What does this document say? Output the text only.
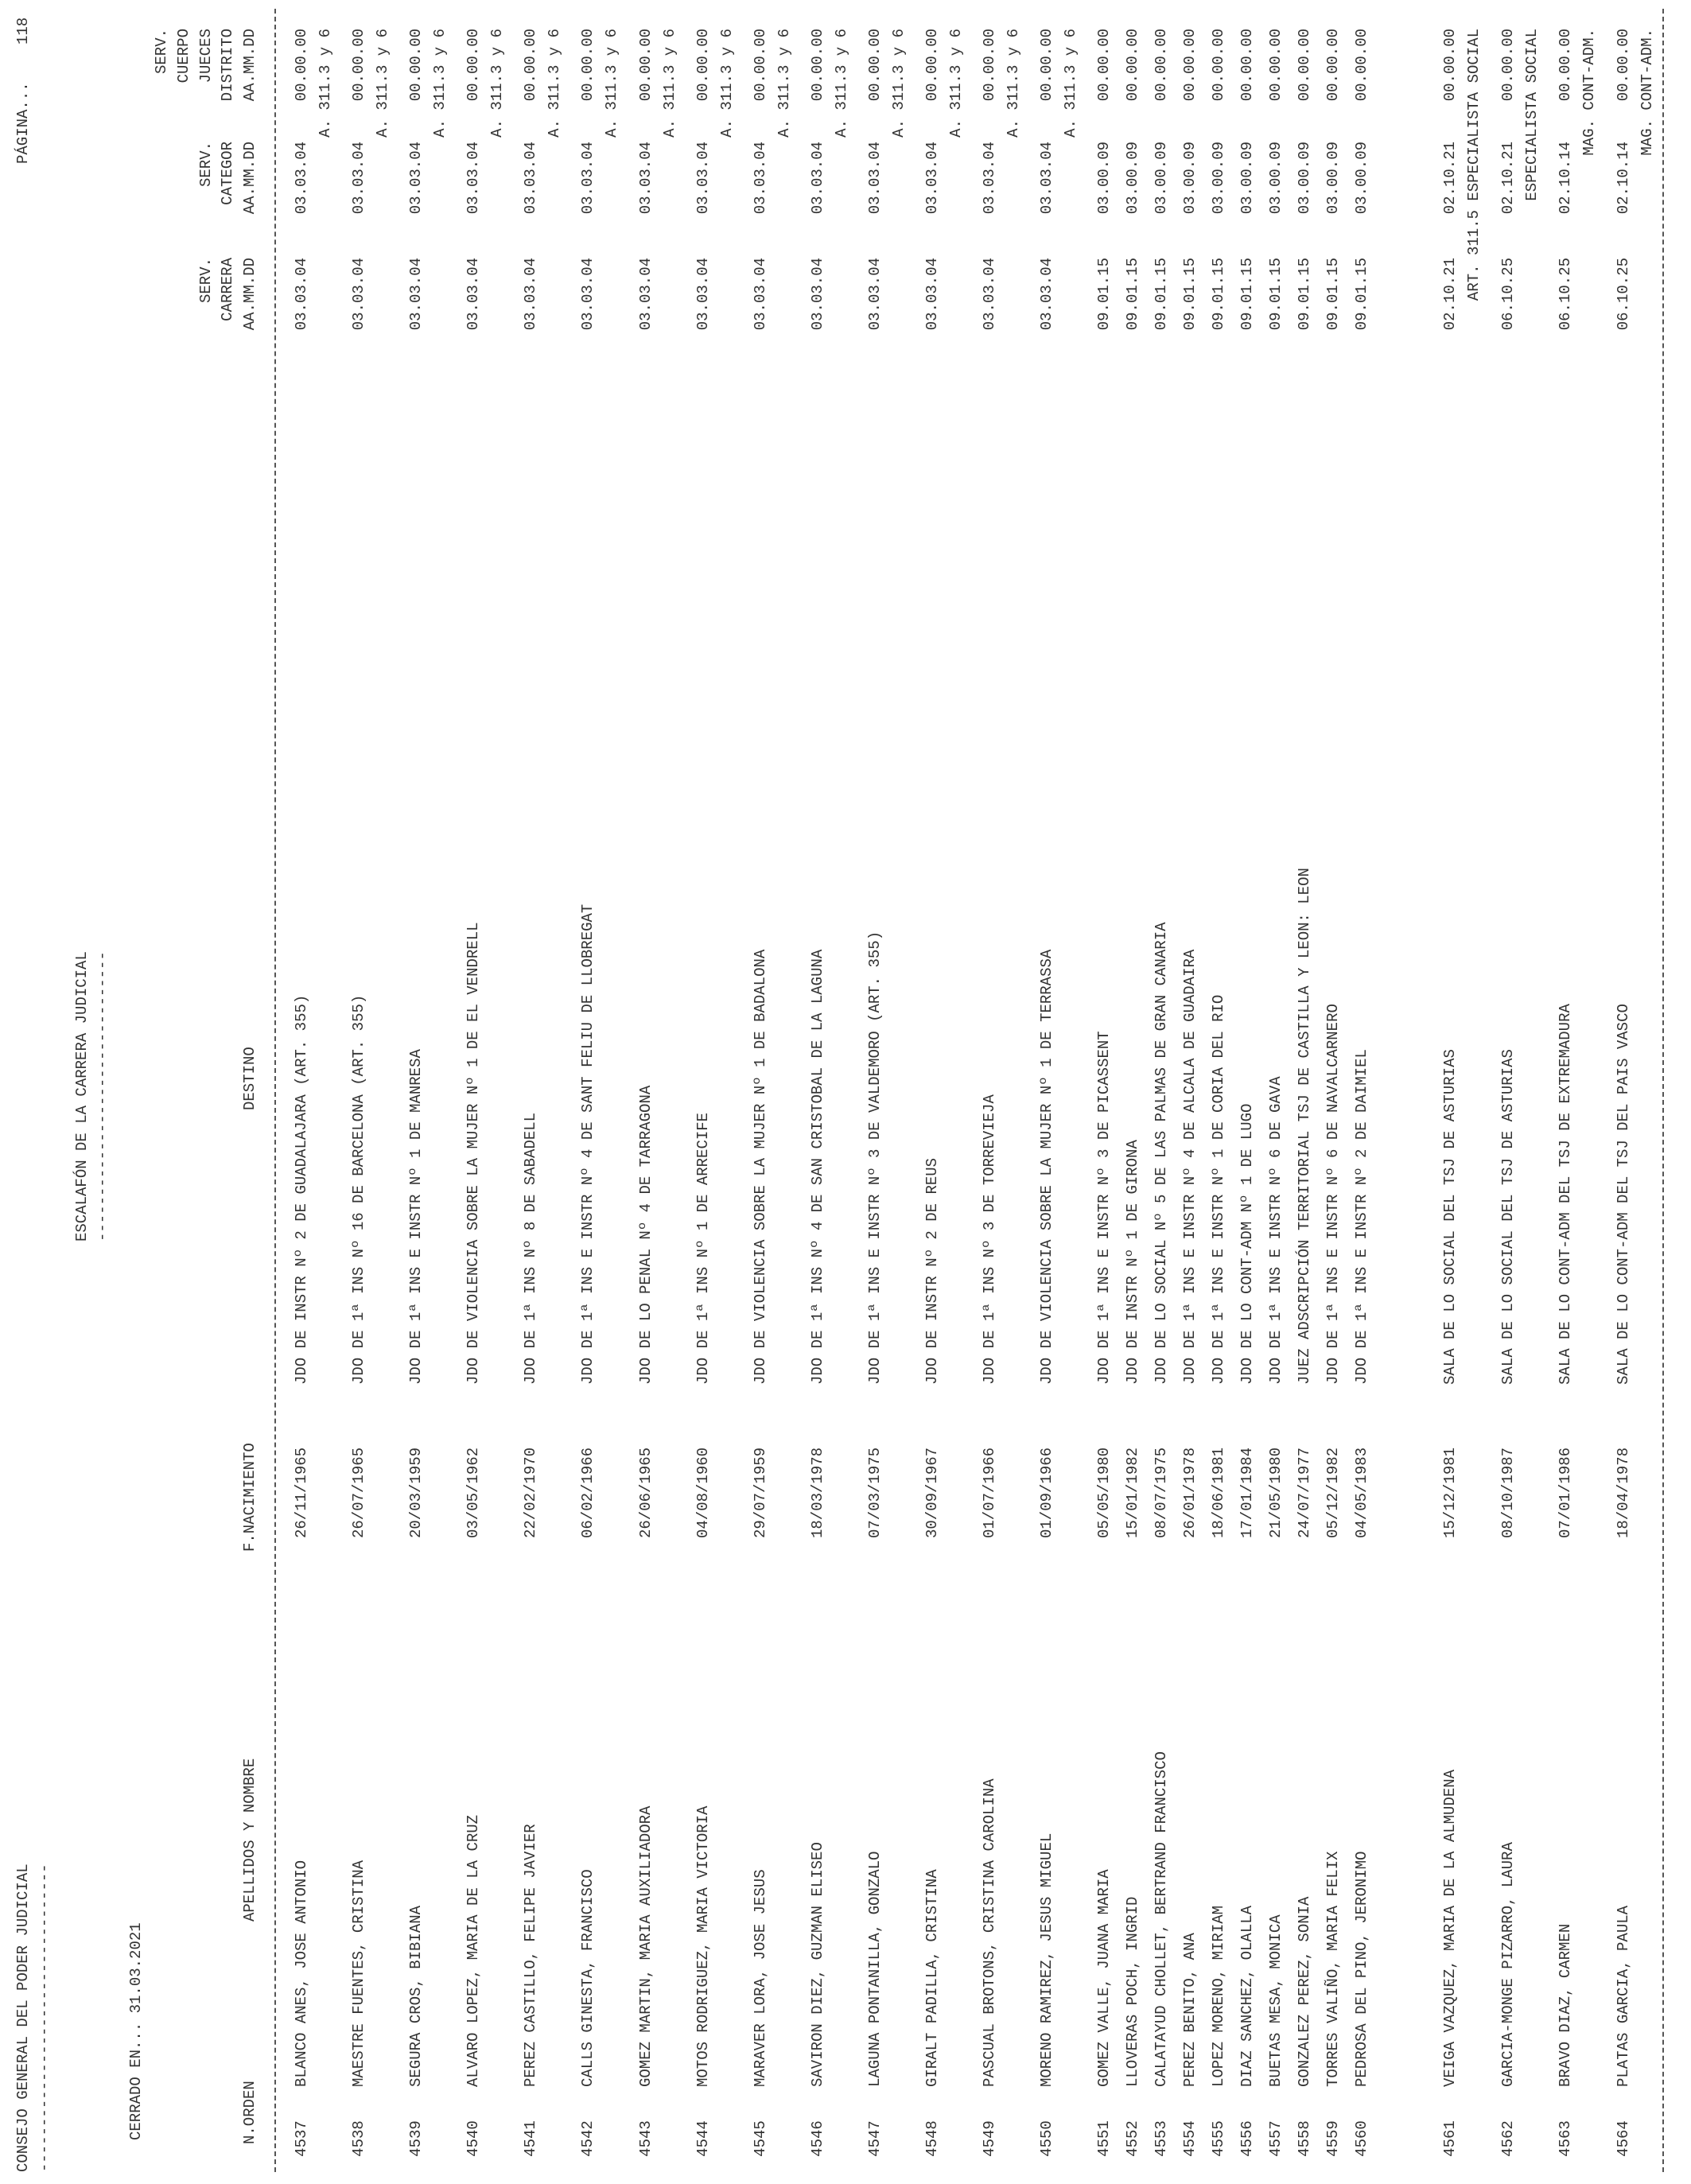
CONSEJO GENERAL DEL PODER JUDICIAL ----------------------------------
PÁGINA...
118
ESCALAFÓN DE LA CARRERA JUDICIAL --------------------------------
CERRADO EN... 31.03.2021	N.ORDEN
APELLIDOS Y NOMBRE
F.NACIMIENTO
DESTINO
SERV. CARRERA AA.MM.DD
SERV. CATEGOR AA.MM.DD
SERV. CUERPO JUECES DISTRITO AA.MM.DD
4537
BLANCO ANES, JOSE ANTONIO
26/11/1965
JDO DE INSTR Nº 2 DE GUADALAJARA (ART. 355)
03.03.04
03.03.04
00.00.00 A. 311.3 y 6
4538
MAESTRE FUENTES, CRISTINA
26/07/1965
JDO DE 1ª INS Nº 16 DE BARCELONA (ART. 355)
03.03.04
03.03.04
00.00.00 A. 311.3 y 6
4539
SEGURA CROS, BIBIANA
20/03/1959
JDO DE 1ª INS E INSTR Nº 1 DE MANRESA
03.03.04
03.03.04
00.00.00 A. 311.3 y 6
4540
ALVARO LOPEZ, MARIA DE LA CRUZ
03/05/1962
JDO DE VIOLENCIA SOBRE LA MUJER Nº 1 DE EL VENDRELL
03.03.04
03.03.04
00.00.00 A. 311.3 y 6
4541
PEREZ CASTILLO, FELIPE JAVIER
22/02/1970
JDO DE 1ª INS Nº 8 DE SABADELL
03.03.04
03.03.04
00.00.00 A. 311.3 y 6
4542
CALLS GINESTA, FRANCISCO
06/02/1966
JDO DE 1ª INS E INSTR Nº 4 DE SANT FELIU DE LLOBREGAT
03.03.04
03.03.04
00.00.00 A. 311.3 y 6
4543
GOMEZ MARTIN, MARIA AUXILIADORA
26/06/1965
JDO DE LO PENAL Nº 4 DE TARRAGONA
03.03.04
03.03.04
00.00.00 A. 311.3 y 6
4544
MOTOS RODRIGUEZ, MARIA VICTORIA
04/08/1960
JDO DE 1ª INS Nº 1 DE ARRECIFE
03.03.04
03.03.04
00.00.00 A. 311.3 y 6
4545
MARAVER LORA, JOSE JESUS
29/07/1959
JDO DE VIOLENCIA SOBRE LA MUJER Nº 1 DE BADALONA
03.03.04
03.03.04
00.00.00 A. 311.3 y 6
4546
SAVIRON DIEZ, GUZMAN ELISEO
18/03/1978
JDO DE 1ª INS Nº 4 DE SAN CRISTOBAL DE LA LAGUNA
03.03.04
03.03.04
00.00.00 A. 311.3 y 6
4547
LAGUNA PONTANILLA, GONZALO
07/03/1975
JDO DE 1ª INS E INSTR Nº 3 DE VALDEMORO (ART. 355)
03.03.04
03.03.04
00.00.00 A. 311.3 y 6
4548
GIRALT PADILLA, CRISTINA
30/09/1967
JDO DE INSTR Nº 2 DE REUS
03.03.04
03.03.04
00.00.00 A. 311.3 y 6
4549
PASCUAL BROTONS, CRISTINA CAROLINA
01/07/1966
JDO DE 1ª INS Nº 3 DE TORREVIEJA
03.03.04
03.03.04
00.00.00 A. 311.3 y 6
4550
MORENO RAMIREZ, JESUS MIGUEL
01/09/1966
JDO DE VIOLENCIA SOBRE LA MUJER Nº 1 DE TERRASSA
03.03.04
03.03.04
00.00.00 A. 311.3 y 6
4551
GOMEZ VALLE, JUANA MARIA
05/05/1980
JDO DE 1ª INS E INSTR Nº 3 DE PICASSENT
09.01.15
03.00.09
00.00.00
4552
LLOVERAS POCH, INGRID
15/01/1982
JDO DE INSTR Nº 1 DE GIRONA
09.01.15
03.00.09
00.00.00
4553
CALATAYUD CHOLLET, BERTRAND FRANCISCO
08/07/1975
JDO DE LO SOCIAL Nº 5 DE LAS PALMAS DE GRAN CANARIA
09.01.15
03.00.09
00.00.00
4554
PEREZ BENITO, ANA
26/01/1978
JDO DE 1ª INS E INSTR Nº 4 DE ALCALA DE GUADAIRA
09.01.15
03.00.09
00.00.00
4555
LOPEZ MORENO, MIRIAM
18/06/1981
JDO DE 1ª INS E INSTR Nº 1 DE CORIA DEL RIO
09.01.15
03.00.09
00.00.00
4556
DIAZ SANCHEZ, OLALLA
17/01/1984
JDO DE LO CONT-ADM Nº 1 DE LUGO
09.01.15
03.00.09
00.00.00
4557
BUETAS MESA, MONICA
21/05/1980
JDO DE 1ª INS E INSTR Nº 6 DE GAVA
09.01.15
03.00.09
00.00.00
4558
GONZALEZ PEREZ, SONIA
24/07/1977
JUEZ ADSCRIPCIÓN TERRITORIAL TSJ DE CASTILLA Y LEON: LEON
09.01.15
03.00.09
00.00.00
4559
TORRES VALIÑO, MARIA FELIX
05/12/1982
JDO DE 1ª INS E INSTR Nº 6 DE NAVALCARNERO
09.01.15
03.00.09
00.00.00
4560
PEDROSA DEL PINO, JERONIMO
04/05/1983
JDO DE 1ª INS E INSTR Nº 2 DE DAIMIEL
09.01.15
03.00.09
00.00.00
4561
VEIGA VAZQUEZ, MARIA DE LA ALMUDENA
15/12/1981
SALA DE LO SOCIAL DEL TSJ DE ASTURIAS
02.10.21
02.10.21
00.00.00 ART. 311.5 ESPECIALISTA SOCIAL
4562
GARCIA-MONGE PIZARRO, LAURA
08/10/1987
SALA DE LO SOCIAL DEL TSJ DE ASTURIAS
06.10.25
02.10.21
00.00.00 ESPECIALISTA SOCIAL
4563
BRAVO DIAZ, CARMEN
07/01/1986
SALA DE LO CONT-ADM DEL TSJ DE EXTREMADURA
06.10.25
02.10.14
00.00.00 MAG. CONT-ADM.
4564
PLATAS GARCIA, PAULA
18/04/1978
SALA DE LO CONT-ADM DEL TSJ DEL PAIS VASCO
06.10.25
02.10.14
00.00.00 MAG. CONT-ADM.
